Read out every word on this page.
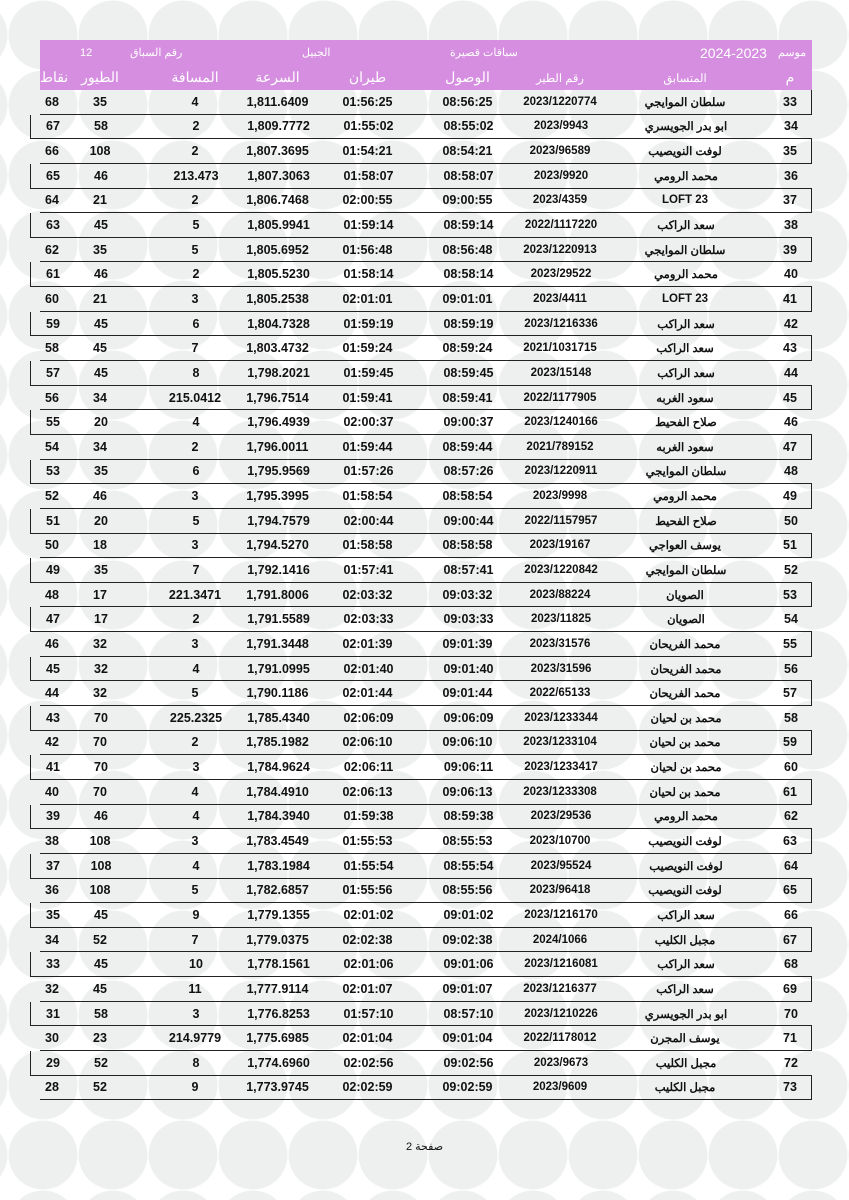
12	رقم السباق	الجبيل	سباقات قصيرة	2024-2023 موسم
نقاط الطيور	المسافة	السرعة	طيران	الوصول	رقم الطير	المتسابق	م
68	35	4	1,811.6409	01:56:25	08:56:25	2023/1220774	سلطان الموايجي	33
67	58	2	1,809.7772	01:55:02	08:55:02	2023/9943	ابو بدر الجويسري	34
66	108	2	1,807.3695	01:54:21	08:54:21	2023/96589	لوفت النويصيب	35
65	46	213.473	1,807.3063	01:58:07	08:58:07	2023/9920	محمد الرومي	36
64	21	2	1,806.7468	02:00:55	09:00:55	2023/4359	LOFT 23	37
63	45	5	1,805.9941	01:59:14	08:59:14	2022/1117220	سعد الراكب	38
62	35	5	1,805.6952	01:56:48	08:56:48	2023/1220913	سلطان الموايجي	39
61	46	2	1,805.5230	01:58:14	08:58:14	2023/29522	محمد الرومي	40
60	21	3	1,805.2538	02:01:01	09:01:01	2023/4411	LOFT 23	41
59	45	6	1,804.7328	01:59:19	08:59:19	2023/1216336	سعد الراكب	42
58	45	7	1,803.4732	01:59:24	08:59:24	2021/1031715	سعد الراكب	43
57	45	8	1,798.2021	01:59:45	08:59:45	2023/15148	سعد الراكب	44
56	34	215.0412	1,796.7514	01:59:41	08:59:41	2022/1177905	سعود الغربه	45
55	20	4	1,796.4939	02:00:37	09:00:37	2023/1240166	صلاح الفحيط	46
54	34	2	1,796.0011	01:59:44	08:59:44	2021/789152	سعود الغربه	47
53	35	6	1,795.9569	01:57:26	08:57:26	2023/1220911	سلطان الموايجي	48
52	46	3	1,795.3995	01:58:54	08:58:54	2023/9998	محمد الرومي	49
51	20	5	1,794.7579	02:00:44	09:00:44	2022/1157957	صلاح الفحيط	50
50	18	3	1,794.5270	01:58:58	08:58:58	2023/19167	يوسف العواجي	51
49	35	7	1,792.1416	01:57:41	08:57:41	2023/1220842	سلطان الموايجي	52
48	17	221.3471	1,791.8006	02:03:32	09:03:32	2023/88224	الصويان	53
47	17	2	1,791.5589	02:03:33	09:03:33	2023/11825	الصويان	54
46	32	3	1,791.3448	02:01:39	09:01:39	2023/31576	محمد الفريحان	55
45	32	4	1,791.0995	02:01:40	09:01:40	2023/31596	محمد الفريحان	56
44	32	5	1,790.1186	02:01:44	09:01:44	2022/65133	محمد الفريحان	57
43	70	225.2325	1,785.4340	02:06:09	09:06:09	2023/1233344	محمد بن لحيان	58
42	70	2	1,785.1982	02:06:10	09:06:10	2023/1233104	محمد بن لحيان	59
41	70	3	1,784.9624	02:06:11	09:06:11	2023/1233417	محمد بن لحيان	60
40	70	4	1,784.4910	02:06:13	09:06:13	2023/1233308	محمد بن لحيان	61
39	46	4	1,784.3940	01:59:38	08:59:38	2023/29536	محمد الرومي	62
38	108	3	1,783.4549	01:55:53	08:55:53	2023/10700	لوفت النويصيب	63
37	108	4	1,783.1984	01:55:54	08:55:54	2023/95524	لوفت النويصيب	64
36	108	5	1,782.6857	01:55:56	08:55:56	2023/96418	لوفت النويصيب	65
35	45	9	1,779.1355	02:01:02	09:01:02	2023/1216170	سعد الراكب	66
34	52	7	1,779.0375	02:02:38	09:02:38	2024/1066	مجبل الكليب	67
33	45	10	1,778.1561	02:01:06	09:01:06	2023/1216081	سعد الراكب	68
32	45	11	1,777.9114	02:01:07	09:01:07	2023/1216377	سعد الراكب	69
31	58	3	1,776.8253	01:57:10	08:57:10	2023/1210226	ابو بدر الجويسري	70
30	23	214.9779	1,775.6985	02:01:04	09:01:04	2022/1178012	يوسف المجرن	71
29	52	8	1,774.6960	02:02:56	09:02:56	2023/9673	مجبل الكليب	72
28	52	9	1,773.9745	02:02:59	09:02:59	2023/9609	مجبل الكليب	73
صفحة 2
